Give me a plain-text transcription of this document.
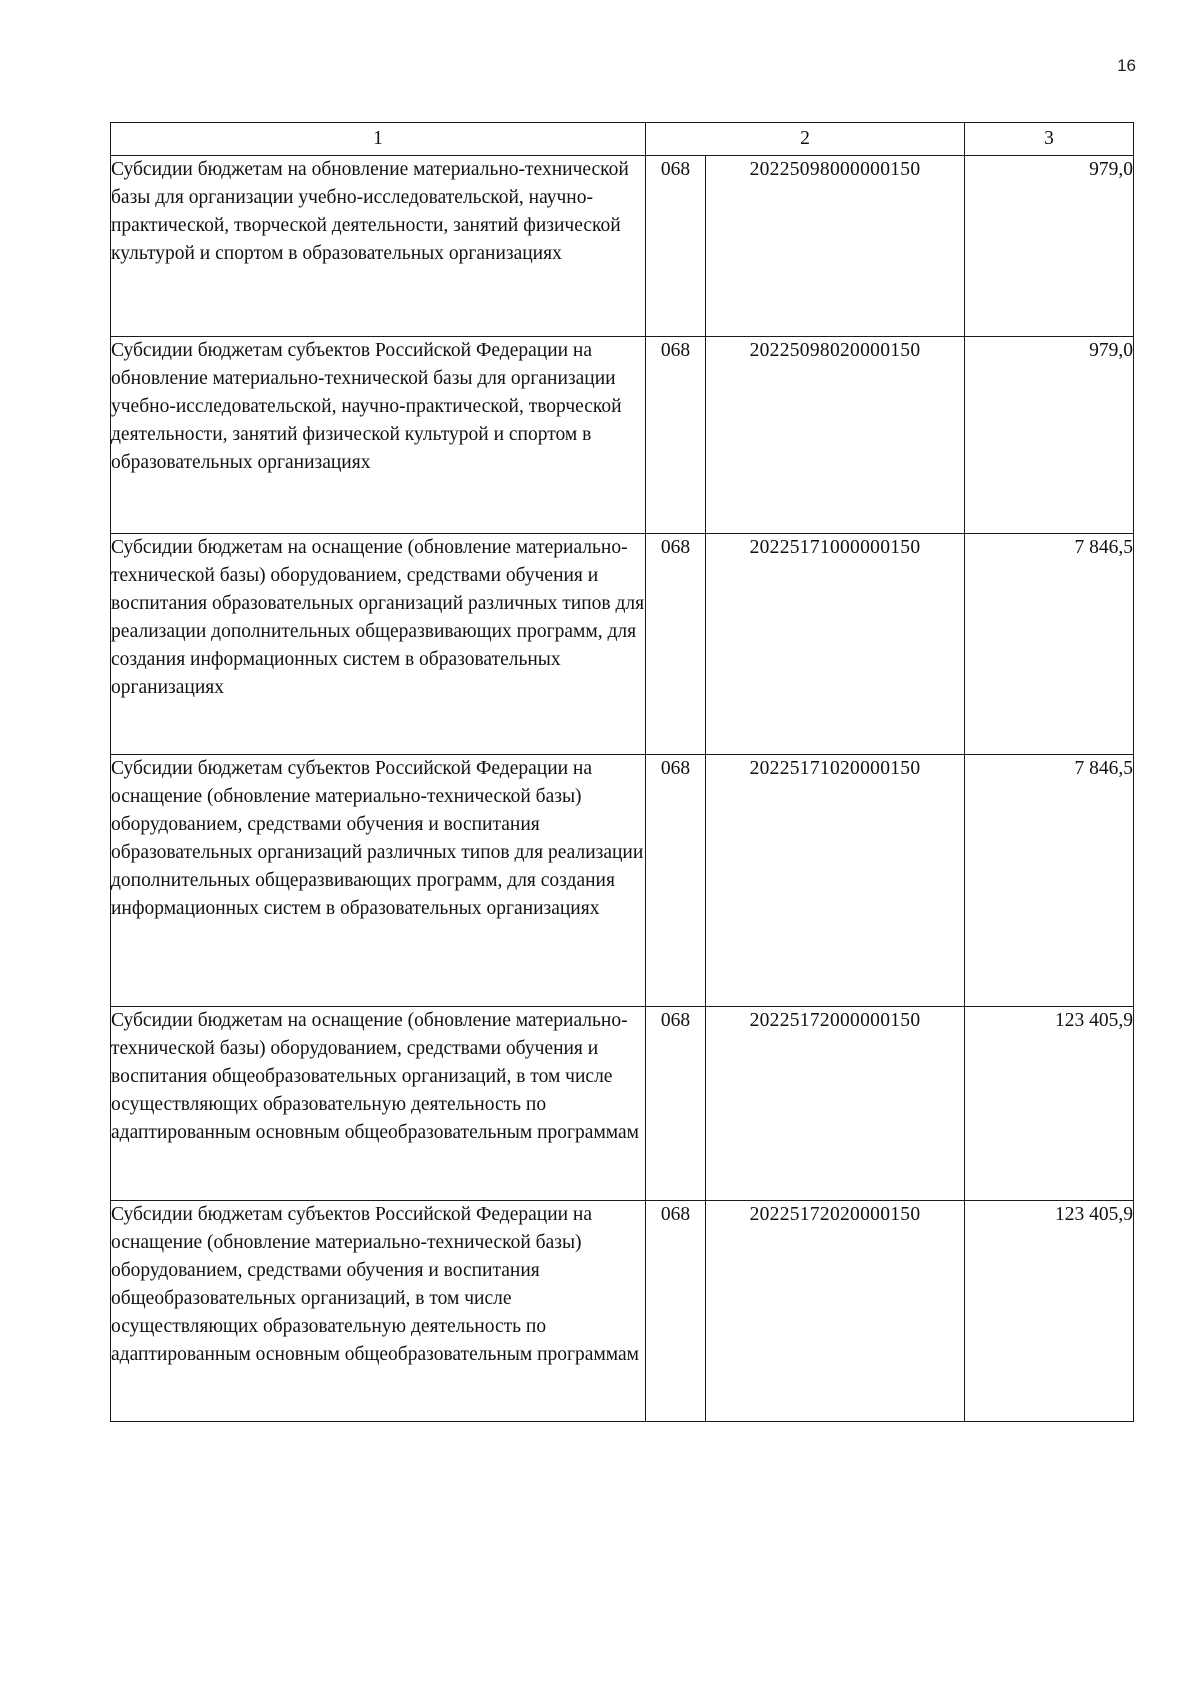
16
1	2		3
Субсидии бюджетам на обновление материально-технической базы для организации учебно-исследовательской, научно-практической, творческой деятельности, занятий физической культурой и спортом в образовательных организациях	068	20225098000000150	979,0
Субсидии бюджетам субъектов Российской Федерации на обновление материально-технической базы для организации учебно-исследовательской, научно-практической, творческой деятельности, занятий физической культурой и спортом в образовательных организациях	068	20225098020000150	979,0
Субсидии бюджетам на оснащение (обновление материально-технической базы) оборудованием, средствами обучения и воспитания образовательных организаций различных типов для реализации дополнительных общеразвивающих программ, для создания информационных систем в образовательных организациях	068	20225171000000150	7 846,5
Субсидии бюджетам субъектов Российской Федерации на оснащение (обновление материально-технической базы) оборудованием, средствами обучения и воспитания образовательных организаций различных типов для реализации дополнительных общеразвивающих программ, для создания информационных систем в образовательных организациях	068	20225171020000150	7 846,5
Субсидии бюджетам на оснащение (обновление материально-технической базы) оборудованием, средствами обучения и воспитания общеобразовательных организаций, в том числе осуществляющих образовательную деятельность по адаптированным основным общеобразовательным программам	068	20225172000000150	123 405,9
Субсидии бюджетам субъектов Российской Федерации на оснащение (обновление материально-технической базы) оборудованием, средствами обучения и воспитания общеобразовательных организаций, в том числе осуществляющих образовательную деятельность по адаптированным основным общеобразовательным программам	068	20225172020000150	123 405,9
